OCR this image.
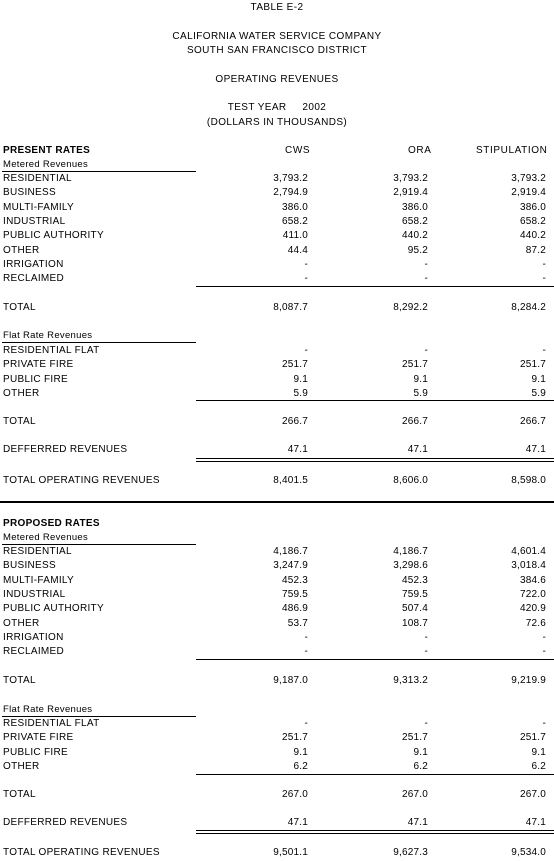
TABLE E-2
CALIFORNIA WATER SERVICE COMPANY
SOUTH SAN FRANCISCO DISTRICT
OPERATING REVENUES
TEST YEAR     2002
(DOLLARS IN THOUSANDS)
PRESENT RATES	CWS	ORA	STIPULATION
Metered Revenues
RESIDENTIAL	3,793.2	3,793.2	3,793.2
BUSINESS	2,794.9	2,919.4	2,919.4
MULTI-FAMILY	386.0	386.0	386.0
INDUSTRIAL	658.2	658.2	658.2
PUBLIC AUTHORITY	411.0	440.2	440.2
OTHER	44.4	95.2	87.2
IRRIGATION	-	-	-
RECLAIMED	-	-	-
TOTAL	8,087.7	8,292.2	8,284.2
Flat Rate Revenues
RESIDENTIAL FLAT	-	-	-
PRIVATE FIRE	251.7	251.7	251.7
PUBLIC FIRE	9.1	9.1	9.1
OTHER	5.9	5.9	5.9
TOTAL	266.7	266.7	266.7
DEFFERRED REVENUES	47.1	47.1	47.1
TOTAL OPERATING REVENUES	8,401.5	8,606.0	8,598.0
PROPOSED RATES
Metered Revenues
RESIDENTIAL	4,186.7	4,186.7	4,601.4
BUSINESS	3,247.9	3,298.6	3,018.4
MULTI-FAMILY	452.3	452.3	384.6
INDUSTRIAL	759.5	759.5	722.0
PUBLIC AUTHORITY	486.9	507.4	420.9
OTHER	53.7	108.7	72.6
IRRIGATION	-	-	-
RECLAIMED	-	-	-
TOTAL	9,187.0	9,313.2	9,219.9
Flat Rate Revenues
RESIDENTIAL FLAT	-	-	-
PRIVATE FIRE	251.7	251.7	251.7
PUBLIC FIRE	9.1	9.1	9.1
OTHER	6.2	6.2	6.2
TOTAL	267.0	267.0	267.0
DEFFERRED REVENUES	47.1	47.1	47.1
TOTAL OPERATING REVENUES	9,501.1	9,627.3	9,534.0
